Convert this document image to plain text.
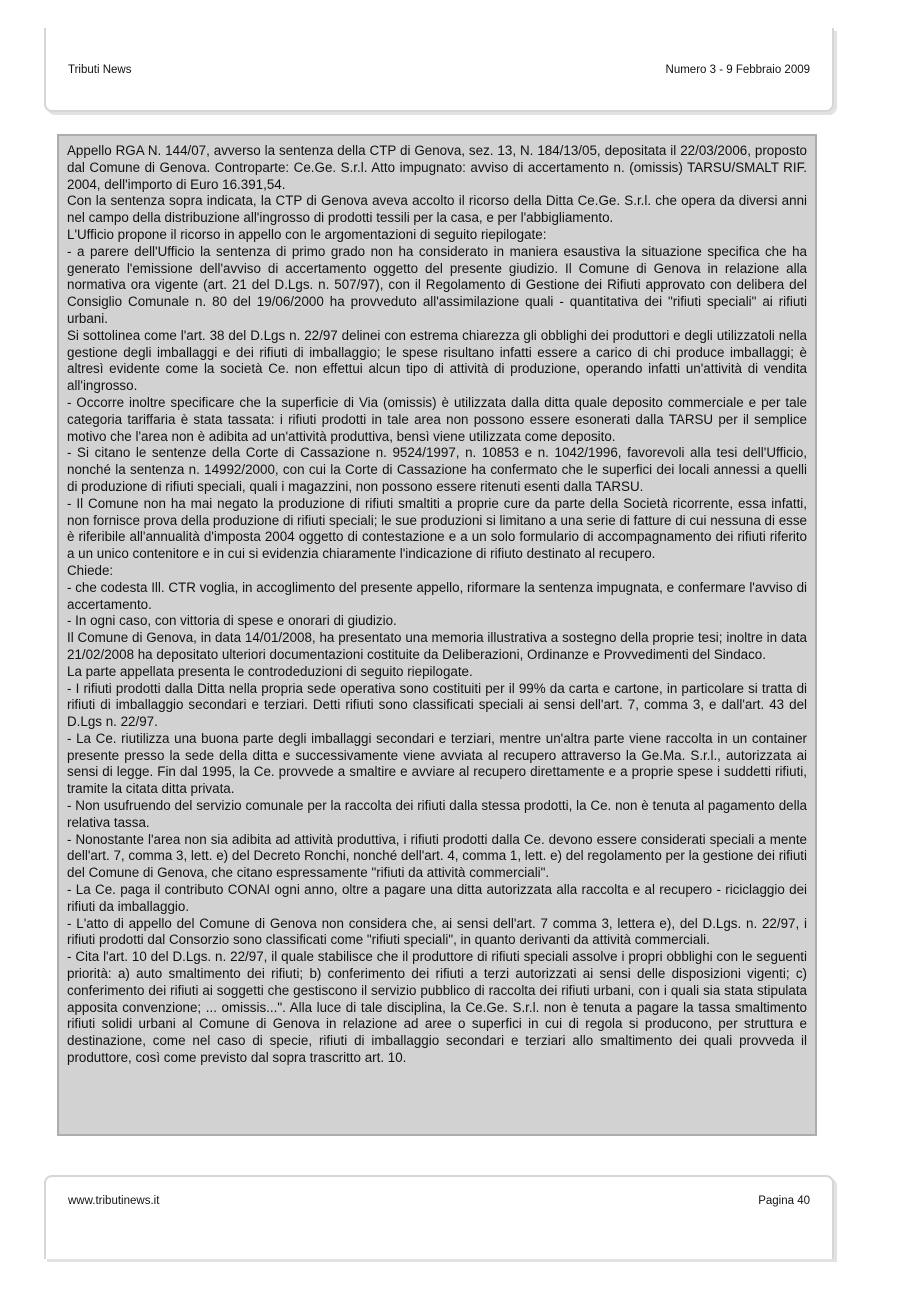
Tributi News	Numero 3 - 9 Febbraio 2009

Appello RGA N. 144/07, avverso la sentenza della CTP di Genova, sez. 13, N. 184/13/05, depositata il 22/03/2006, proposto dal Comune di Genova. Controparte: Ce.Ge. S.r.l. Atto impugnato: avviso di accertamento n. (omissis) TARSU/SMALT RIF. 2004, dell'importo di Euro 16.391,54.

Con la sentenza sopra indicata, la CTP di Genova aveva accolto il ricorso della Ditta Ce.Ge. S.r.l. che opera da diversi anni nel campo della distribuzione all'ingrosso di prodotti tessili per la casa, e per l'abbigliamento.

L'Ufficio propone il ricorso in appello con le argomentazioni di seguito riepilogate:

- a parere dell'Ufficio la sentenza di primo grado non ha considerato in maniera esaustiva la situazione specifica che ha generato l'emissione dell'avviso di accertamento oggetto del presente giudizio. Il Comune di Genova in relazione alla normativa ora vigente (art. 21 del D.Lgs. n. 507/97), con il Regolamento di Gestione dei Rifiuti approvato con delibera del Consiglio Comunale n. 80 del 19/06/2000 ha provveduto all'assimilazione quali - quantitativa dei "rifiuti speciali" ai rifiuti urbani.

Si sottolinea come l'art. 38 del D.Lgs n. 22/97 delinei con estrema chiarezza gli obblighi dei produttori e degli utilizzatoli nella gestione degli imballaggi e dei rifiuti di imballaggio; le spese risultano infatti essere a carico di chi produce imballaggi; è altresì evidente come la società Ce. non effettui alcun tipo di attività di produzione, operando infatti un'attività di vendita all'ingrosso.

- Occorre inoltre specificare che la superficie di Via (omissis) è utilizzata dalla ditta quale deposito commerciale e per tale categoria tariffaria è stata tassata: i rifiuti prodotti in tale area non possono essere esonerati dalla TARSU per il semplice motivo che l'area non è adibita ad un'attività produttiva, bensì viene utilizzata come deposito.

- Si citano le sentenze della Corte di Cassazione n. 9524/1997, n. 10853 e n. 1042/1996, favorevoli alla tesi dell'Ufficio, nonché la sentenza n. 14992/2000, con cui la Corte di Cassazione ha confermato che le superfici dei locali annessi a quelli di produzione di rifiuti speciali, quali i magazzini, non possono essere ritenuti esenti dalla TARSU.

- Il Comune non ha mai negato la produzione di rifiuti smaltiti a proprie cure da parte della Società ricorrente, essa infatti, non fornisce prova della produzione di rifiuti speciali; le sue produzioni si limitano a una serie di fatture di cui nessuna di esse è riferibile all'annualità d'imposta 2004 oggetto di contestazione e a un solo formulario di accompagnamento dei rifiuti riferito a un unico contenitore e in cui si evidenzia chiaramente l'indicazione di rifiuto destinato al recupero.

Chiede:

- che codesta Ill. CTR voglia, in accoglimento del presente appello, riformare la sentenza impugnata, e confermare l'avviso di accertamento.

- In ogni caso, con vittoria di spese e onorari di giudizio.

Il Comune di Genova, in data 14/01/2008, ha presentato una memoria illustrativa a sostegno della proprie tesi; inoltre in data 21/02/2008 ha depositato ulteriori documentazioni costituite da Deliberazioni, Ordinanze e Provvedimenti del Sindaco.

La parte appellata presenta le controdeduzioni di seguito riepilogate.

- I rifiuti prodotti dalla Ditta nella propria sede operativa sono costituiti per il 99% da carta e cartone, in particolare si tratta di rifiuti di imballaggio secondari e terziari. Detti rifiuti sono classificati speciali ai sensi dell'art. 7, comma 3, e dall'art. 43 del D.Lgs n. 22/97.

- La Ce. riutilizza una buona parte degli imballaggi secondari e terziari, mentre un'altra parte viene raccolta in un container presente presso la sede della ditta e successivamente viene avviata al recupero attraverso la Ge.Ma. S.r.l., autorizzata ai sensi di legge. Fin dal 1995, la Ce. provvede a smaltire e avviare al recupero direttamente e a proprie spese i suddetti rifiuti, tramite la citata ditta privata.

- Non usufruendo del servizio comunale per la raccolta dei rifiuti dalla stessa prodotti, la Ce. non è tenuta al pagamento della relativa tassa.

- Nonostante l'area non sia adibita ad attività produttiva, i rifiuti prodotti dalla Ce. devono essere considerati speciali a mente dell'art. 7, comma 3, lett. e) del Decreto Ronchi, nonché dell'art. 4, comma 1, lett. e) del regolamento per la gestione dei rifiuti del Comune di Genova, che citano espressamente "rifiuti da attività commerciali".

- La Ce. paga il contributo CONAI ogni anno, oltre a pagare una ditta autorizzata alla raccolta e al recupero - riciclaggio dei rifiuti da imballaggio.

- L'atto di appello del Comune di Genova non considera che, ai sensi dell'art. 7 comma 3, lettera e), del D.Lgs. n. 22/97, i rifiuti prodotti dal Consorzio sono classificati come "rifiuti speciali", in quanto derivanti da attività commerciali.

- Cita l'art. 10 del D.Lgs. n. 22/97, il quale stabilisce che il produttore di rifiuti speciali assolve i propri obblighi con le seguenti priorità: a) auto smaltimento dei rifiuti; b) conferimento dei rifiuti a terzi autorizzati ai sensi delle disposizioni vigenti; c) conferimento dei rifiuti ai soggetti che gestiscono il servizio pubblico di raccolta dei rifiuti urbani, con i quali sia stata stipulata apposita convenzione; ... omissis...". Alla luce di tale disciplina, la Ce.Ge. S.r.l. non è tenuta a pagare la tassa smaltimento rifiuti solidi urbani al Comune di Genova in relazione ad aree o superfici in cui di regola si producono, per struttura e destinazione, come nel caso di specie, rifiuti di imballaggio secondari e terziari allo smaltimento dei quali provveda il produttore, così come previsto dal sopra trascritto art. 10.

www.tributinews.it	Pagina 40
